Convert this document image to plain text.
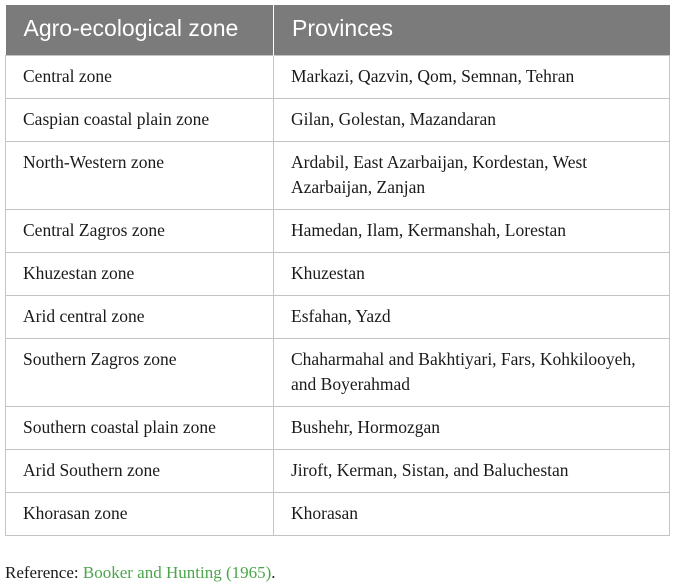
Agro-ecological zone	Provinces
Central zone	Markazi, Qazvin, Qom, Semnan, Tehran
Caspian coastal plain zone	Gilan, Golestan, Mazandaran
North-Western zone	Ardabil, East Azarbaijan, Kordestan, West Azarbaijan, Zanjan
Central Zagros zone	Hamedan, Ilam, Kermanshah, Lorestan
Khuzestan zone	Khuzestan
Arid central zone	Esfahan, Yazd
Southern Zagros zone	Chaharmahal and Bakhtiyari, Fars, Kohkilooyeh, and Boyerahmad
Southern coastal plain zone	Bushehr, Hormozgan
Arid Southern zone	Jiroft, Kerman, Sistan, and Baluchestan
Khorasan zone	Khorasan
Reference: Booker and Hunting (1965).
